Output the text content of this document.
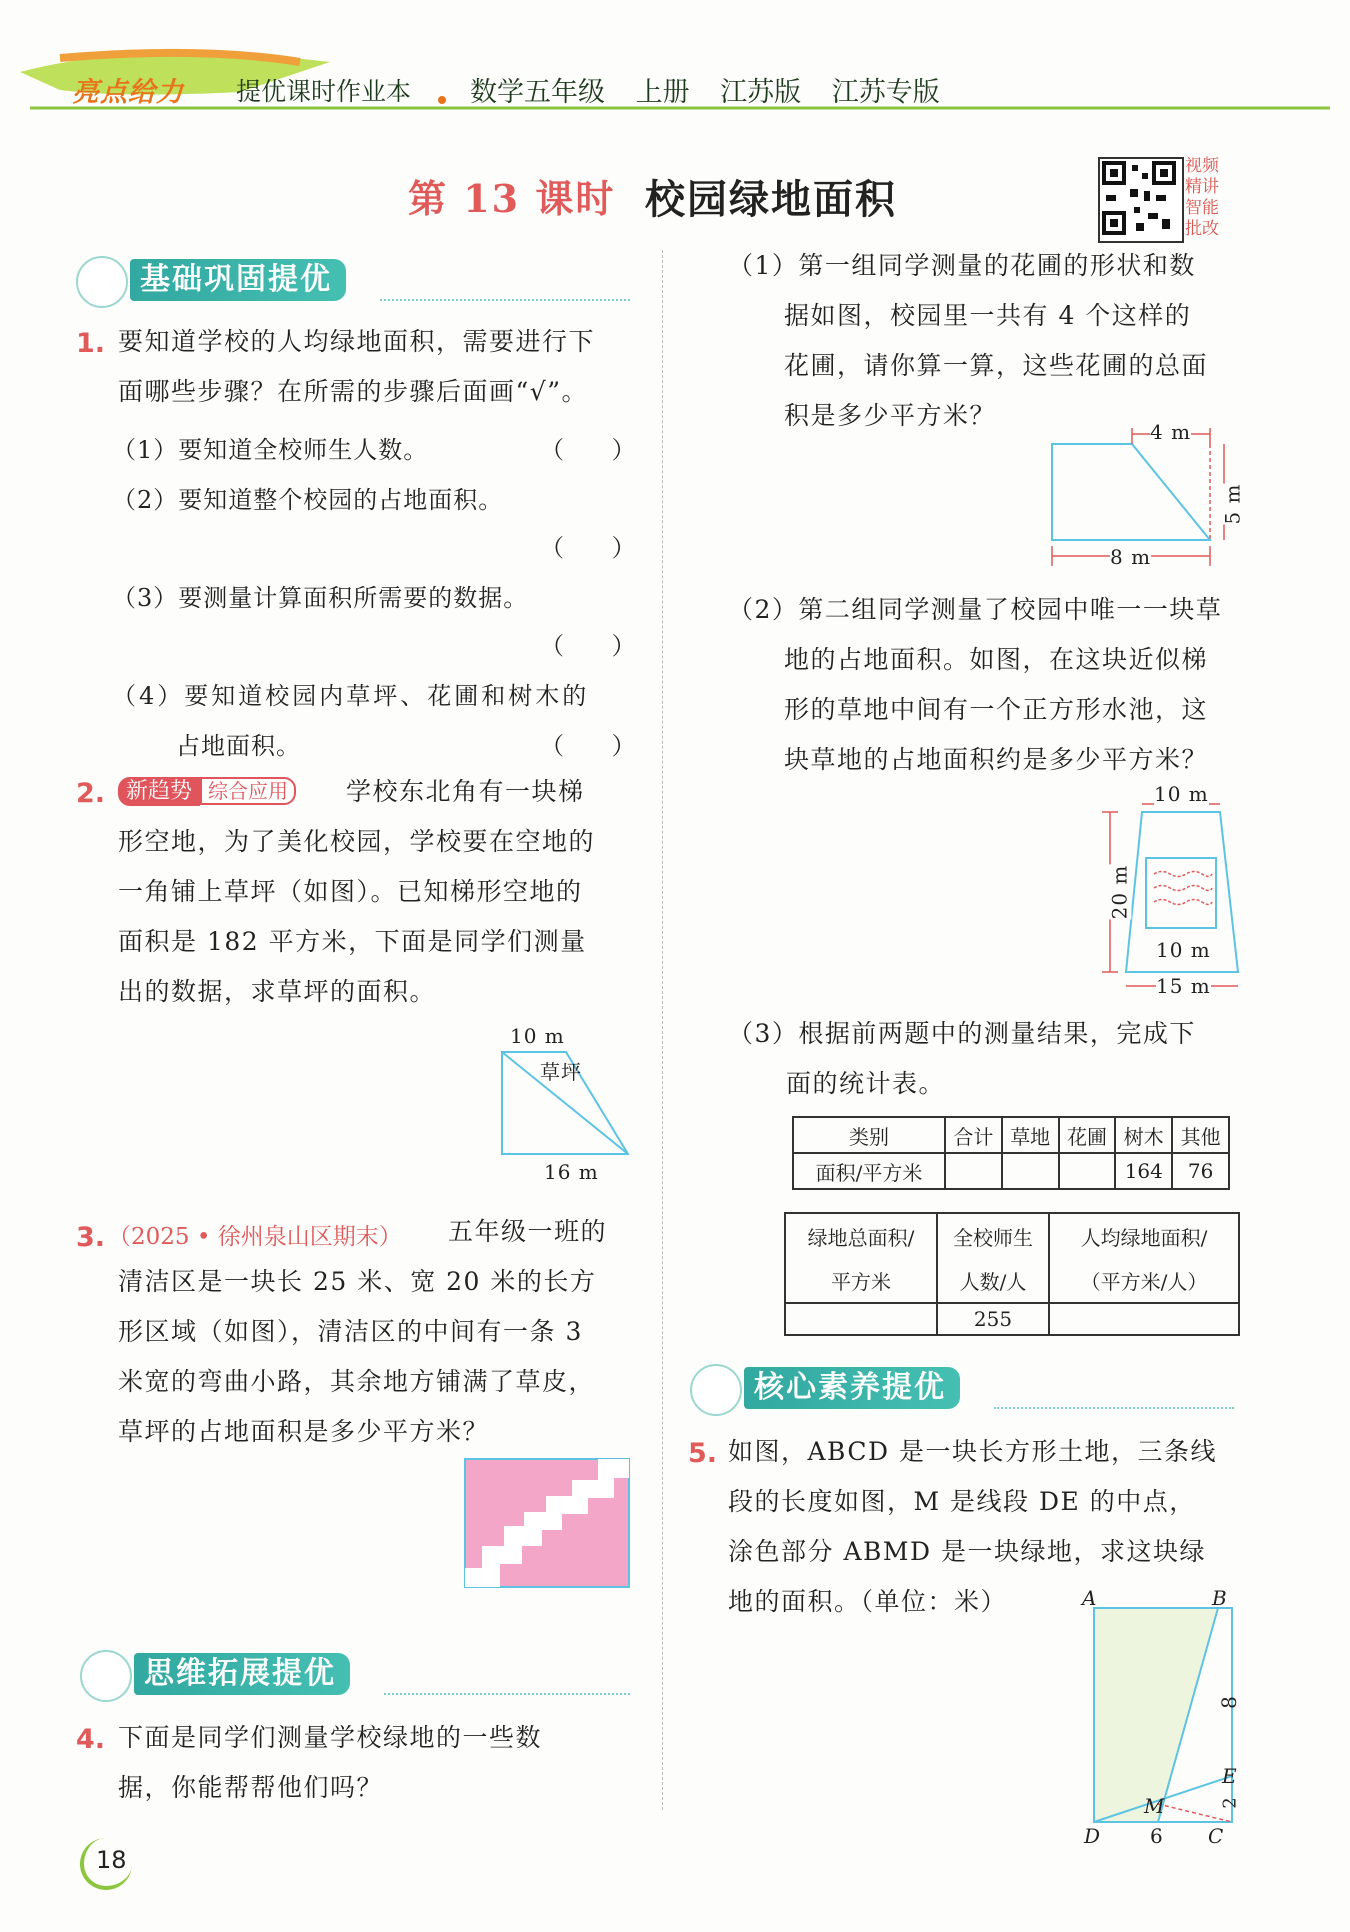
亮点给力 提优课时作业本 数学五年级 上册 江苏版 江苏专版
第 13 课时 校园绿地面积
视频精讲 智能批改
基础巩固提优
1. 要知道学校的人均绿地面积，需要进行下
面哪些步骤？在所需的步骤后面画“√”。
（1）要知道全校师生人数。	（ ）
（2）要知道整个校园的占地面积。
（ ）
（3）要测量计算面积所需要的数据。
（ ）
（4）要知道校园内草坪、花圃和树木的
占地面积。	（ ）
2. 新趋势 综合应用	学校东北角有一块梯
形空地，为了美化校园，学校要在空地的
一角铺上草坪（如图）。已知梯形空地的
面积是 182 平方米，下面是同学们测量
出的数据，求草坪的面积。
10 m
草坪
16 m
3. （2025 • 徐州泉山区期末） 五年级一班的
清洁区是一块长 25 米、宽 20 米的长方
形区域（如图），清洁区的中间有一条 3
米宽的弯曲小路，其余地方铺满了草皮，
草坪的占地面积是多少平方米？
思维拓展提优
4. 下面是同学们测量学校绿地的一些数
据，你能帮帮他们吗？
18
（1）第一组同学测量的花圃的形状和数
据如图，校园里一共有 4 个这样的
花圃，请你算一算，这些花圃的总面
积是多少平方米？
4 m
5 m
8 m
（2）第二组同学测量了校园中唯一一块草
地的占地面积。如图，在这块近似梯
形的草地中间有一个正方形水池，这
块草地的占地面积约是多少平方米？
10 m
20 m
10 m
15 m
（3）根据前两题中的测量结果，完成下
面的统计表。
类别	合计	草地	花圃	树木	其他
面积/平方米				164	76
绿地总面积/	全校师生	人均绿地面积/
平方米	人数/人	（平方米/人）
	255	
核心素养提优
5. 如图，ABCD 是一块长方形土地，三条线
段的长度如图，M 是线段 DE 的中点，
涂色部分 ABMD 是一块绿地，求这块绿
地的面积。（单位：米）	A	B
8
E
2
M
D 6 C
